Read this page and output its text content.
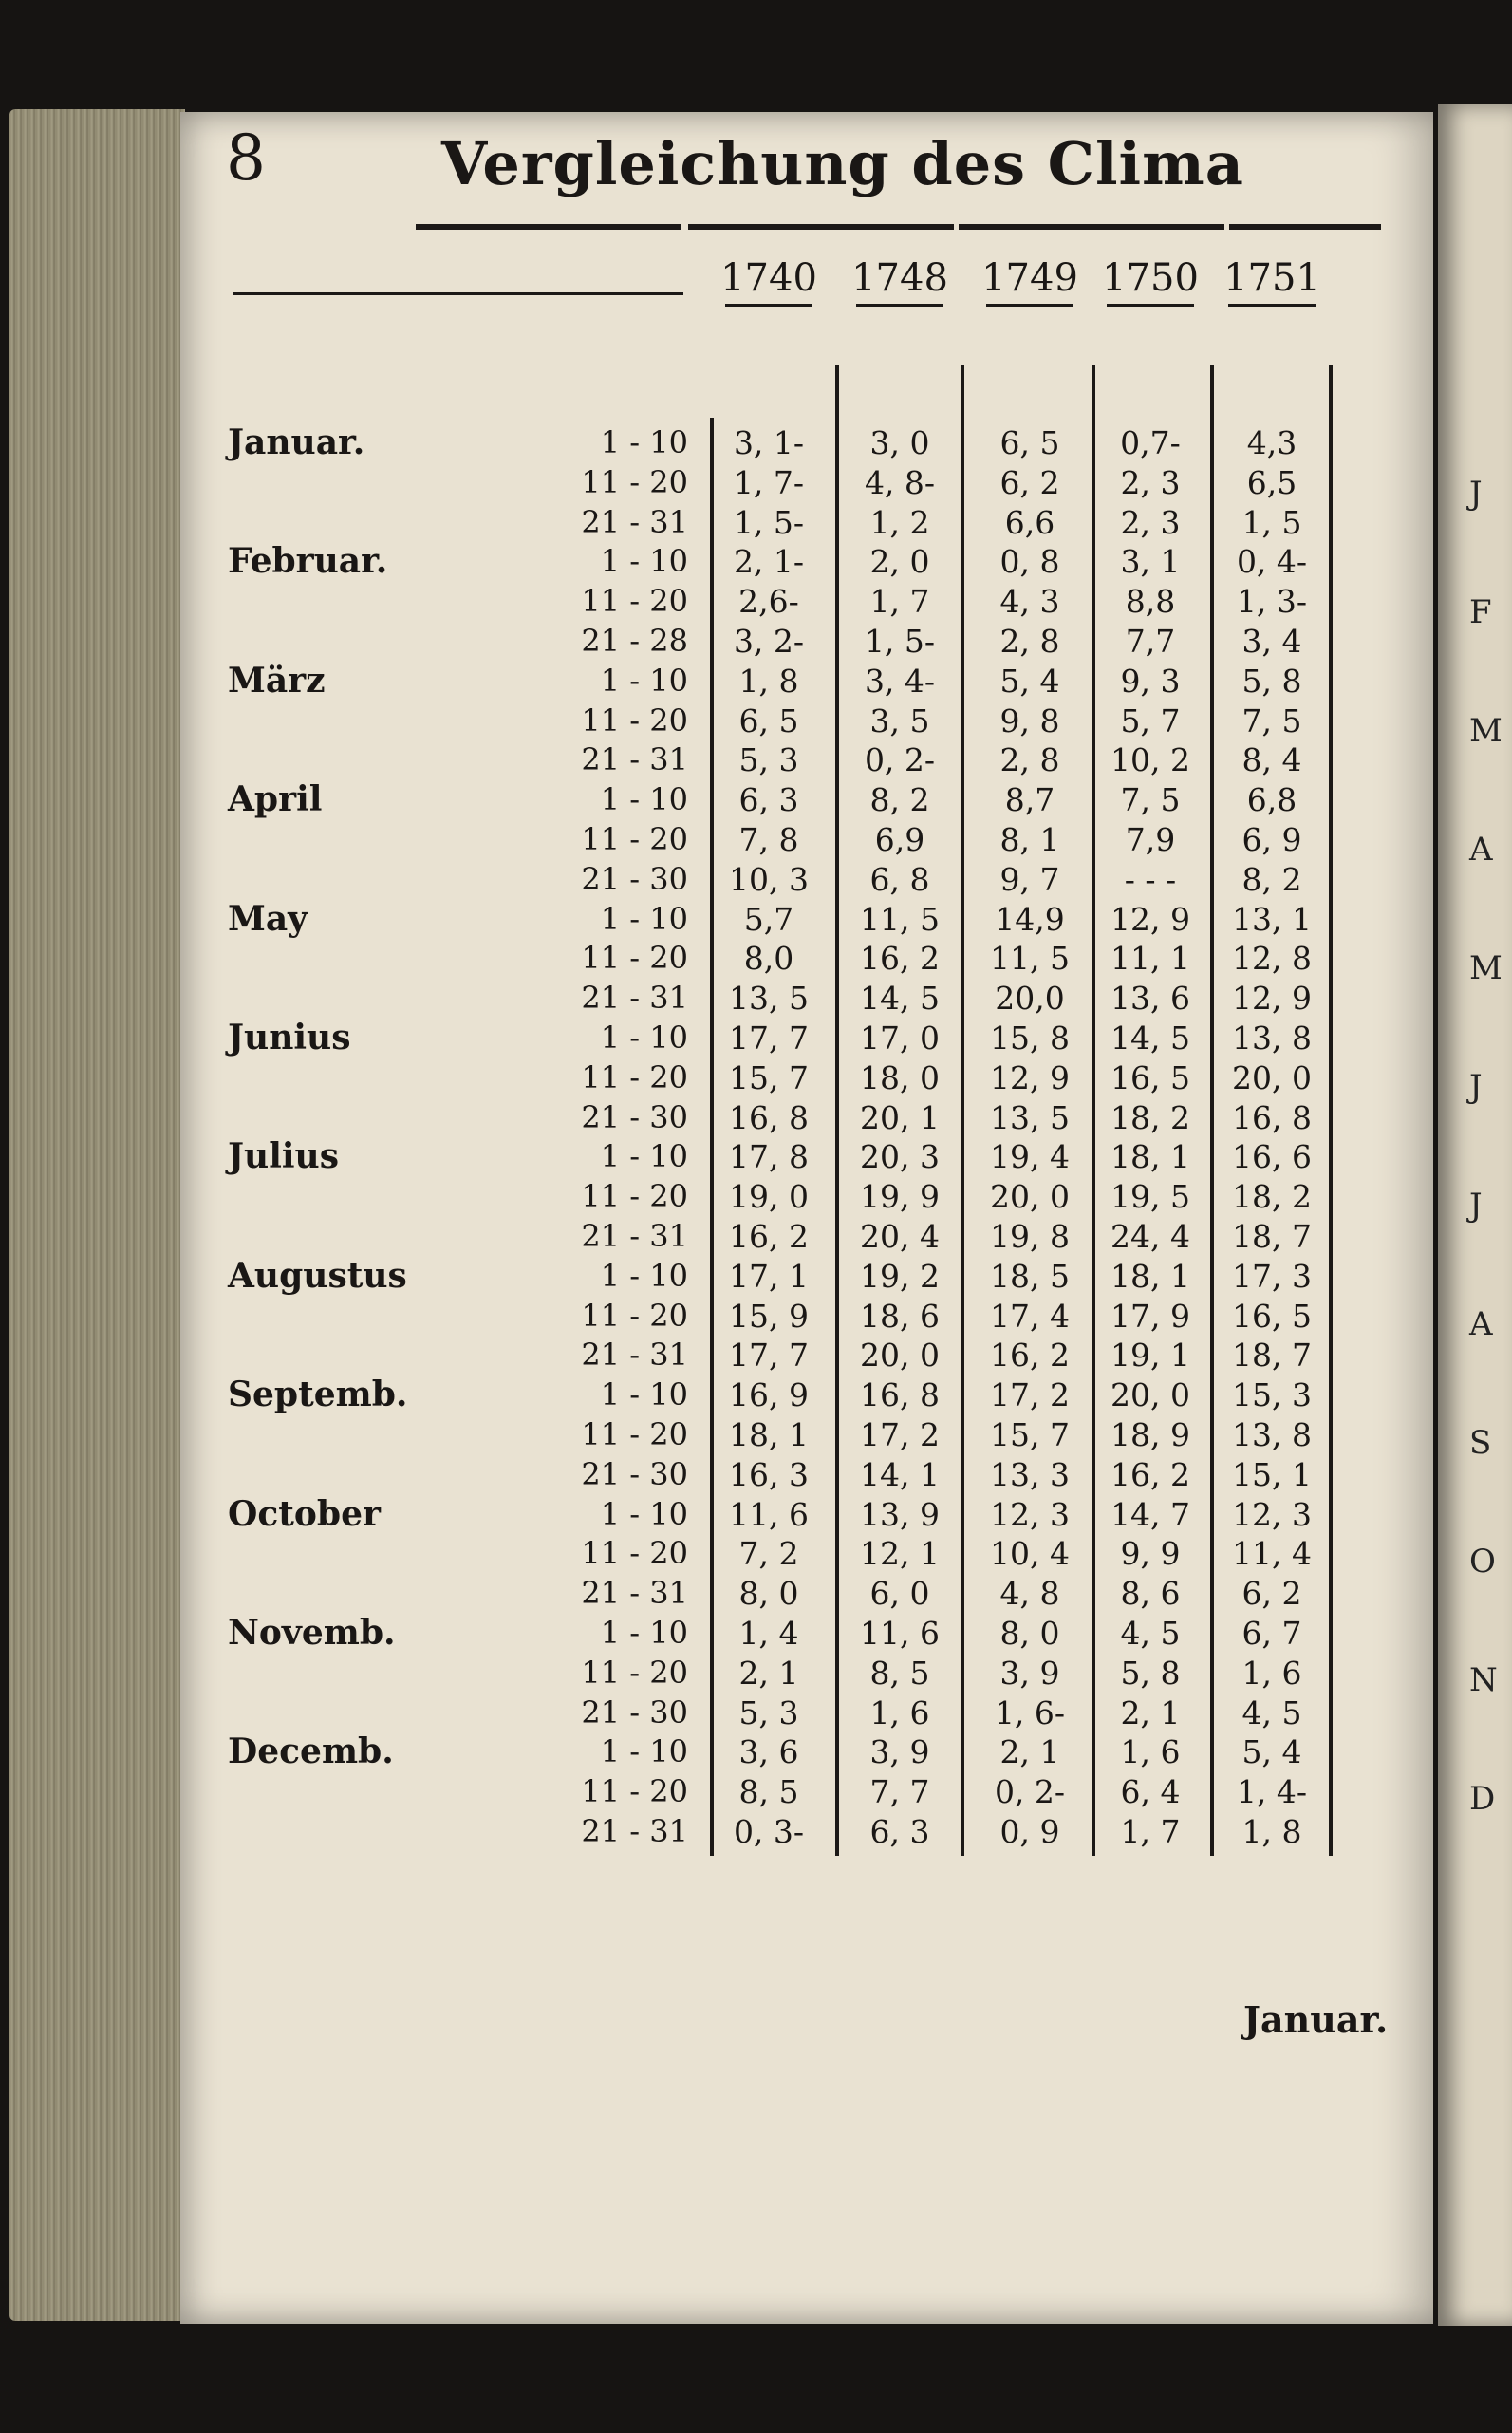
J
F
M
A
M
J
J
A
S
O
N
D
8	Vergleichung des Clima
1740 1748 1749 1750 1751
Januar.	1 - 10	3, 1-	3, 0	6, 5	0,7-	4,3
11 - 20	1, 7-	4, 8-	6, 2	2, 3	6,5
21 - 31	1, 5-	1, 2	6,6	2, 3	1, 5
Februar.	1 - 10	2, 1-	2, 0	0, 8	3, 1	0, 4-
11 - 20	2,6-	1, 7	4, 3	8,8	1, 3-
21 - 28	3, 2-	1, 5-	2, 8	7,7	3, 4
März	1 - 10	1, 8	3, 4-	5, 4	9, 3	5, 8
11 - 20	6, 5	3, 5	9, 8	5, 7	7, 5
21 - 31	5, 3	0, 2-	2, 8	10, 2	8, 4
April	1 - 10	6, 3	8, 2	8,7	7, 5	6,8
11 - 20	7, 8	6,9	8, 1	7,9	6, 9
21 - 30	10, 3	6, 8	9, 7	- - -	8, 2
May	1 - 10	5,7	11, 5	14,9	12, 9	13, 1
11 - 20	8,0	16, 2	11, 5	11, 1	12, 8
21 - 31	13, 5	14, 5	20,0	13, 6	12, 9
Junius	1 - 10	17, 7	17, 0	15, 8	14, 5	13, 8
11 - 20	15, 7	18, 0	12, 9	16, 5	20, 0
21 - 30	16, 8	20, 1	13, 5	18, 2	16, 8
Julius	1 - 10	17, 8	20, 3	19, 4	18, 1	16, 6
11 - 20	19, 0	19, 9	20, 0	19, 5	18, 2
21 - 31	16, 2	20, 4	19, 8	24, 4	18, 7
Augustus	1 - 10	17, 1	19, 2	18, 5	18, 1	17, 3
11 - 20	15, 9	18, 6	17, 4	17, 9	16, 5
21 - 31	17, 7	20, 0	16, 2	19, 1	18, 7
Septemb.	1 - 10	16, 9	16, 8	17, 2	20, 0	15, 3
11 - 20	18, 1	17, 2	15, 7	18, 9	13, 8
21 - 30	16, 3	14, 1	13, 3	16, 2	15, 1
October	1 - 10	11, 6	13, 9	12, 3	14, 7	12, 3
11 - 20	7, 2	12, 1	10, 4	9, 9	11, 4
21 - 31	8, 0	6, 0	4, 8	8, 6	6, 2
Novemb.	1 - 10	1, 4	11, 6	8, 0	4, 5	6, 7
11 - 20	2, 1	8, 5	3, 9	5, 8	1, 6
21 - 30	5, 3	1, 6	1, 6-	2, 1	4, 5
Decemb.	1 - 10	3, 6	3, 9	2, 1	1, 6	5, 4
11 - 20	8, 5	7, 7	0, 2-	6, 4	1, 4-
21 - 31	0, 3-	6, 3	0, 9	1, 7	1, 8
Januar.
